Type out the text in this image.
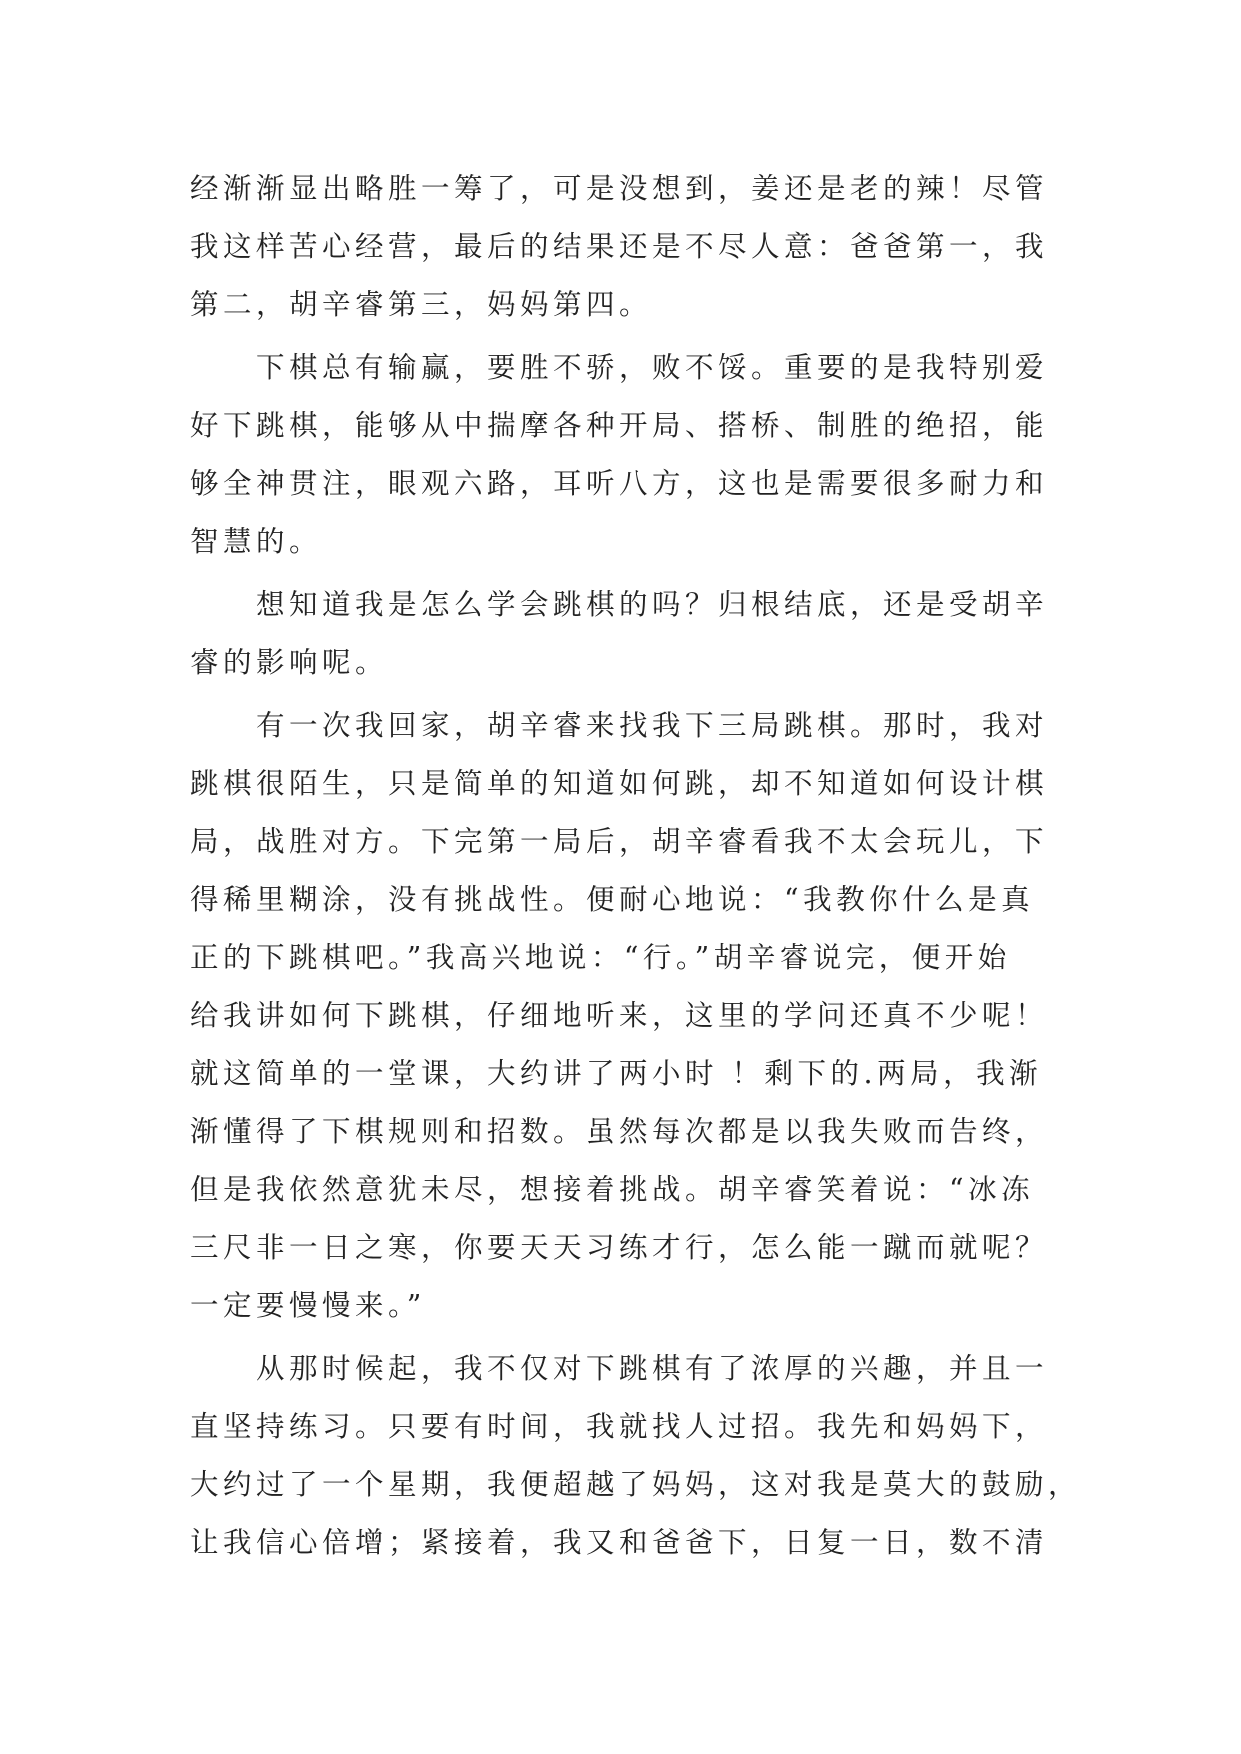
经渐渐显出略胜一筹了，可是没想到，姜还是老的辣！尽管
我这样苦心经营，最后的结果还是不尽人意：爸爸第一，我
第二，胡辛睿第三，妈妈第四。
　　下棋总有输赢，要胜不骄，败不馁。重要的是我特别爱
好下跳棋，能够从中揣摩各种开局、搭桥、制胜的绝招，能
够全神贯注，眼观六路，耳听八方，这也是需要很多耐力和
智慧的。
　　想知道我是怎么学会跳棋的吗？归根结底，还是受胡辛
睿的影响呢。
　　有一次我回家，胡辛睿来找我下三局跳棋。那时，我对
跳棋很陌生，只是简单的知道如何跳，却不知道如何设计棋
局，战胜对方。下完第一局后，胡辛睿看我不太会玩儿，下
得稀里糊涂，没有挑战性。便耐心地说：“我教你什么是真
正的下跳棋吧。”我高兴地说：“行。”胡辛睿说完，便开始
给我讲如何下跳棋，仔细地听来，这里的学问还真不少呢！
就这简单的一堂课，大约讲了两小时 ！剩下的.两局，我渐
渐懂得了下棋规则和招数。虽然每次都是以我失败而告终，
但是我依然意犹未尽，想接着挑战。胡辛睿笑着说：“冰冻
三尺非一日之寒，你要天天习练才行，怎么能一蹴而就呢？
一定要慢慢来。”
　　从那时候起，我不仅对下跳棋有了浓厚的兴趣，并且一
直坚持练习。只要有时间，我就找人过招。我先和妈妈下，
大约过了一个星期，我便超越了妈妈，这对我是莫大的鼓励，
让我信心倍增；紧接着，我又和爸爸下，日复一日，数不清
